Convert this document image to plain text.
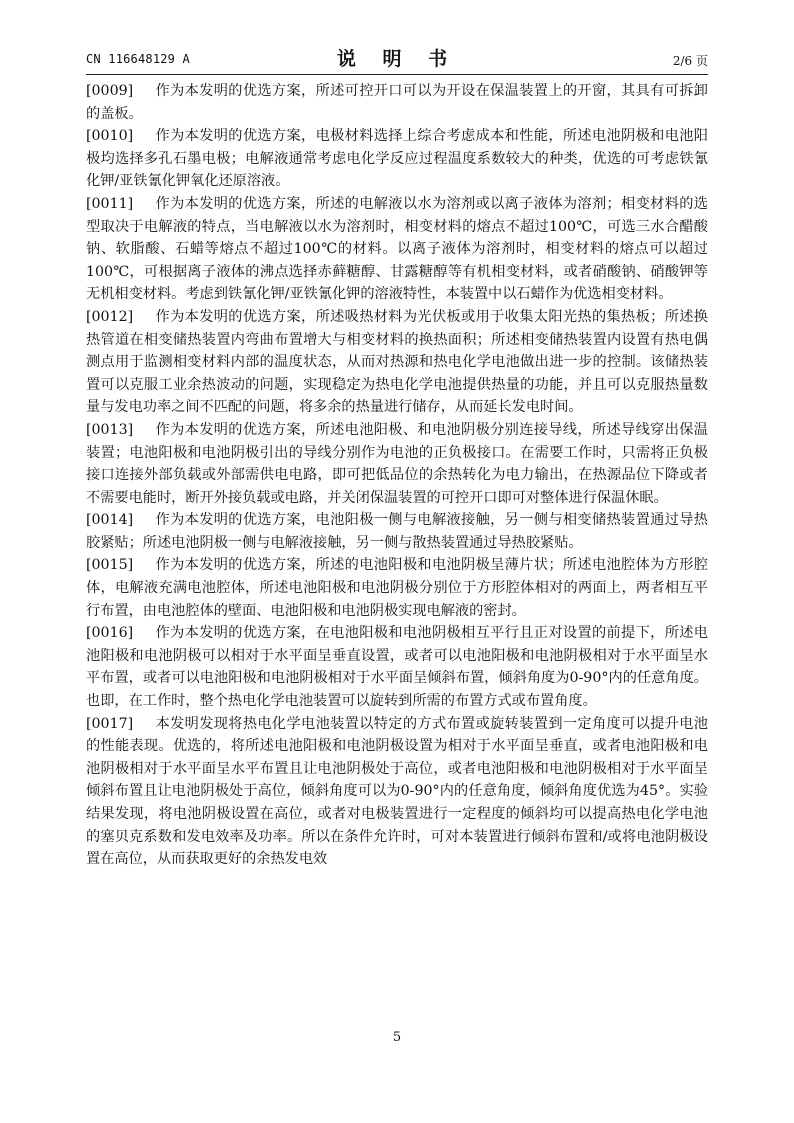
CN 116648129 A	说 明 书	2/6 页

[0009] 作为本发明的优选方案，所述可控开口可以为开设在保温装置上的开窗，其具有可拆卸的盖板。

[0010] 作为本发明的优选方案，电极材料选择上综合考虑成本和性能，所述电池阴极和电池阳极均选择多孔石墨电极；电解液通常考虑电化学反应过程温度系数较大的种类，优选的可考虑铁氰化钾/亚铁氰化钾氧化还原溶液。

[0011] 作为本发明的优选方案，所述的电解液以水为溶剂或以离子液体为溶剂；相变材料的选型取决于电解液的特点，当电解液以水为溶剂时，相变材料的熔点不超过100℃，可选三水合醋酸钠、软脂酸、石蜡等熔点不超过100℃的材料。以离子液体为溶剂时，相变材料的熔点可以超过100℃，可根据离子液体的沸点选择赤藓糖醇、甘露糖醇等有机相变材料，或者硝酸钠、硝酸钾等无机相变材料。考虑到铁氰化钾/亚铁氰化钾的溶液特性，本装置中以石蜡作为优选相变材料。

[0012] 作为本发明的优选方案，所述吸热材料为光伏板或用于收集太阳光热的集热板；所述换热管道在相变储热装置内弯曲布置增大与相变材料的换热面积；所述相变储热装置内设置有热电偶测点用于监测相变材料内部的温度状态，从而对热源和热电化学电池做出进一步的控制。该储热装置可以克服工业余热波动的问题，实现稳定为热电化学电池提供热量的功能，并且可以克服热量数量与发电功率之间不匹配的问题，将多余的热量进行储存，从而延长发电时间。

[0013] 作为本发明的优选方案，所述电池阳极、和电池阴极分别连接导线，所述导线穿出保温装置；电池阳极和电池阴极引出的导线分别作为电池的正负极接口。在需要工作时，只需将正负极接口连接外部负载或外部需供电电路，即可把低品位的余热转化为电力输出，在热源品位下降或者不需要电能时，断开外接负载或电路，并关闭保温装置的可控开口即可对整体进行保温休眠。

[0014] 作为本发明的优选方案，电池阳极一侧与电解液接触，另一侧与相变储热装置通过导热胶紧贴；所述电池阴极一侧与电解液接触，另一侧与散热装置通过导热胶紧贴。

[0015] 作为本发明的优选方案，所述的电池阳极和电池阴极呈薄片状；所述电池腔体为方形腔体，电解液充满电池腔体，所述电池阳极和电池阴极分别位于方形腔体相对的两面上，两者相互平行布置，由电池腔体的壁面、电池阳极和电池阴极实现电解液的密封。

[0016] 作为本发明的优选方案，在电池阳极和电池阴极相互平行且正对设置的前提下，所述电池阳极和电池阴极可以相对于水平面呈垂直设置，或者可以电池阳极和电池阴极相对于水平面呈水平布置，或者可以电池阳极和电池阴极相对于水平面呈倾斜布置，倾斜角度为0-90°内的任意角度。也即，在工作时，整个热电化学电池装置可以旋转到所需的布置方式或布置角度。

[0017] 本发明发现将热电化学电池装置以特定的方式布置或旋转装置到一定角度可以提升电池的性能表现。优选的，将所述电池阳极和电池阴极设置为相对于水平面呈垂直，或者电池阳极和电池阴极相对于水平面呈水平布置且让电池阴极处于高位，或者电池阳极和电池阴极相对于水平面呈倾斜布置且让电池阴极处于高位，倾斜角度可以为0-90°内的任意角度，倾斜角度优选为45°。实验结果发现，将电池阴极设置在高位，或者对电极装置进行一定程度的倾斜均可以提高热电化学电池的塞贝克系数和发电效率及功率。所以在条件允许时，可对本装置进行倾斜布置和/或将电池阴极设置在高位，从而获取更好的余热发电效

5
